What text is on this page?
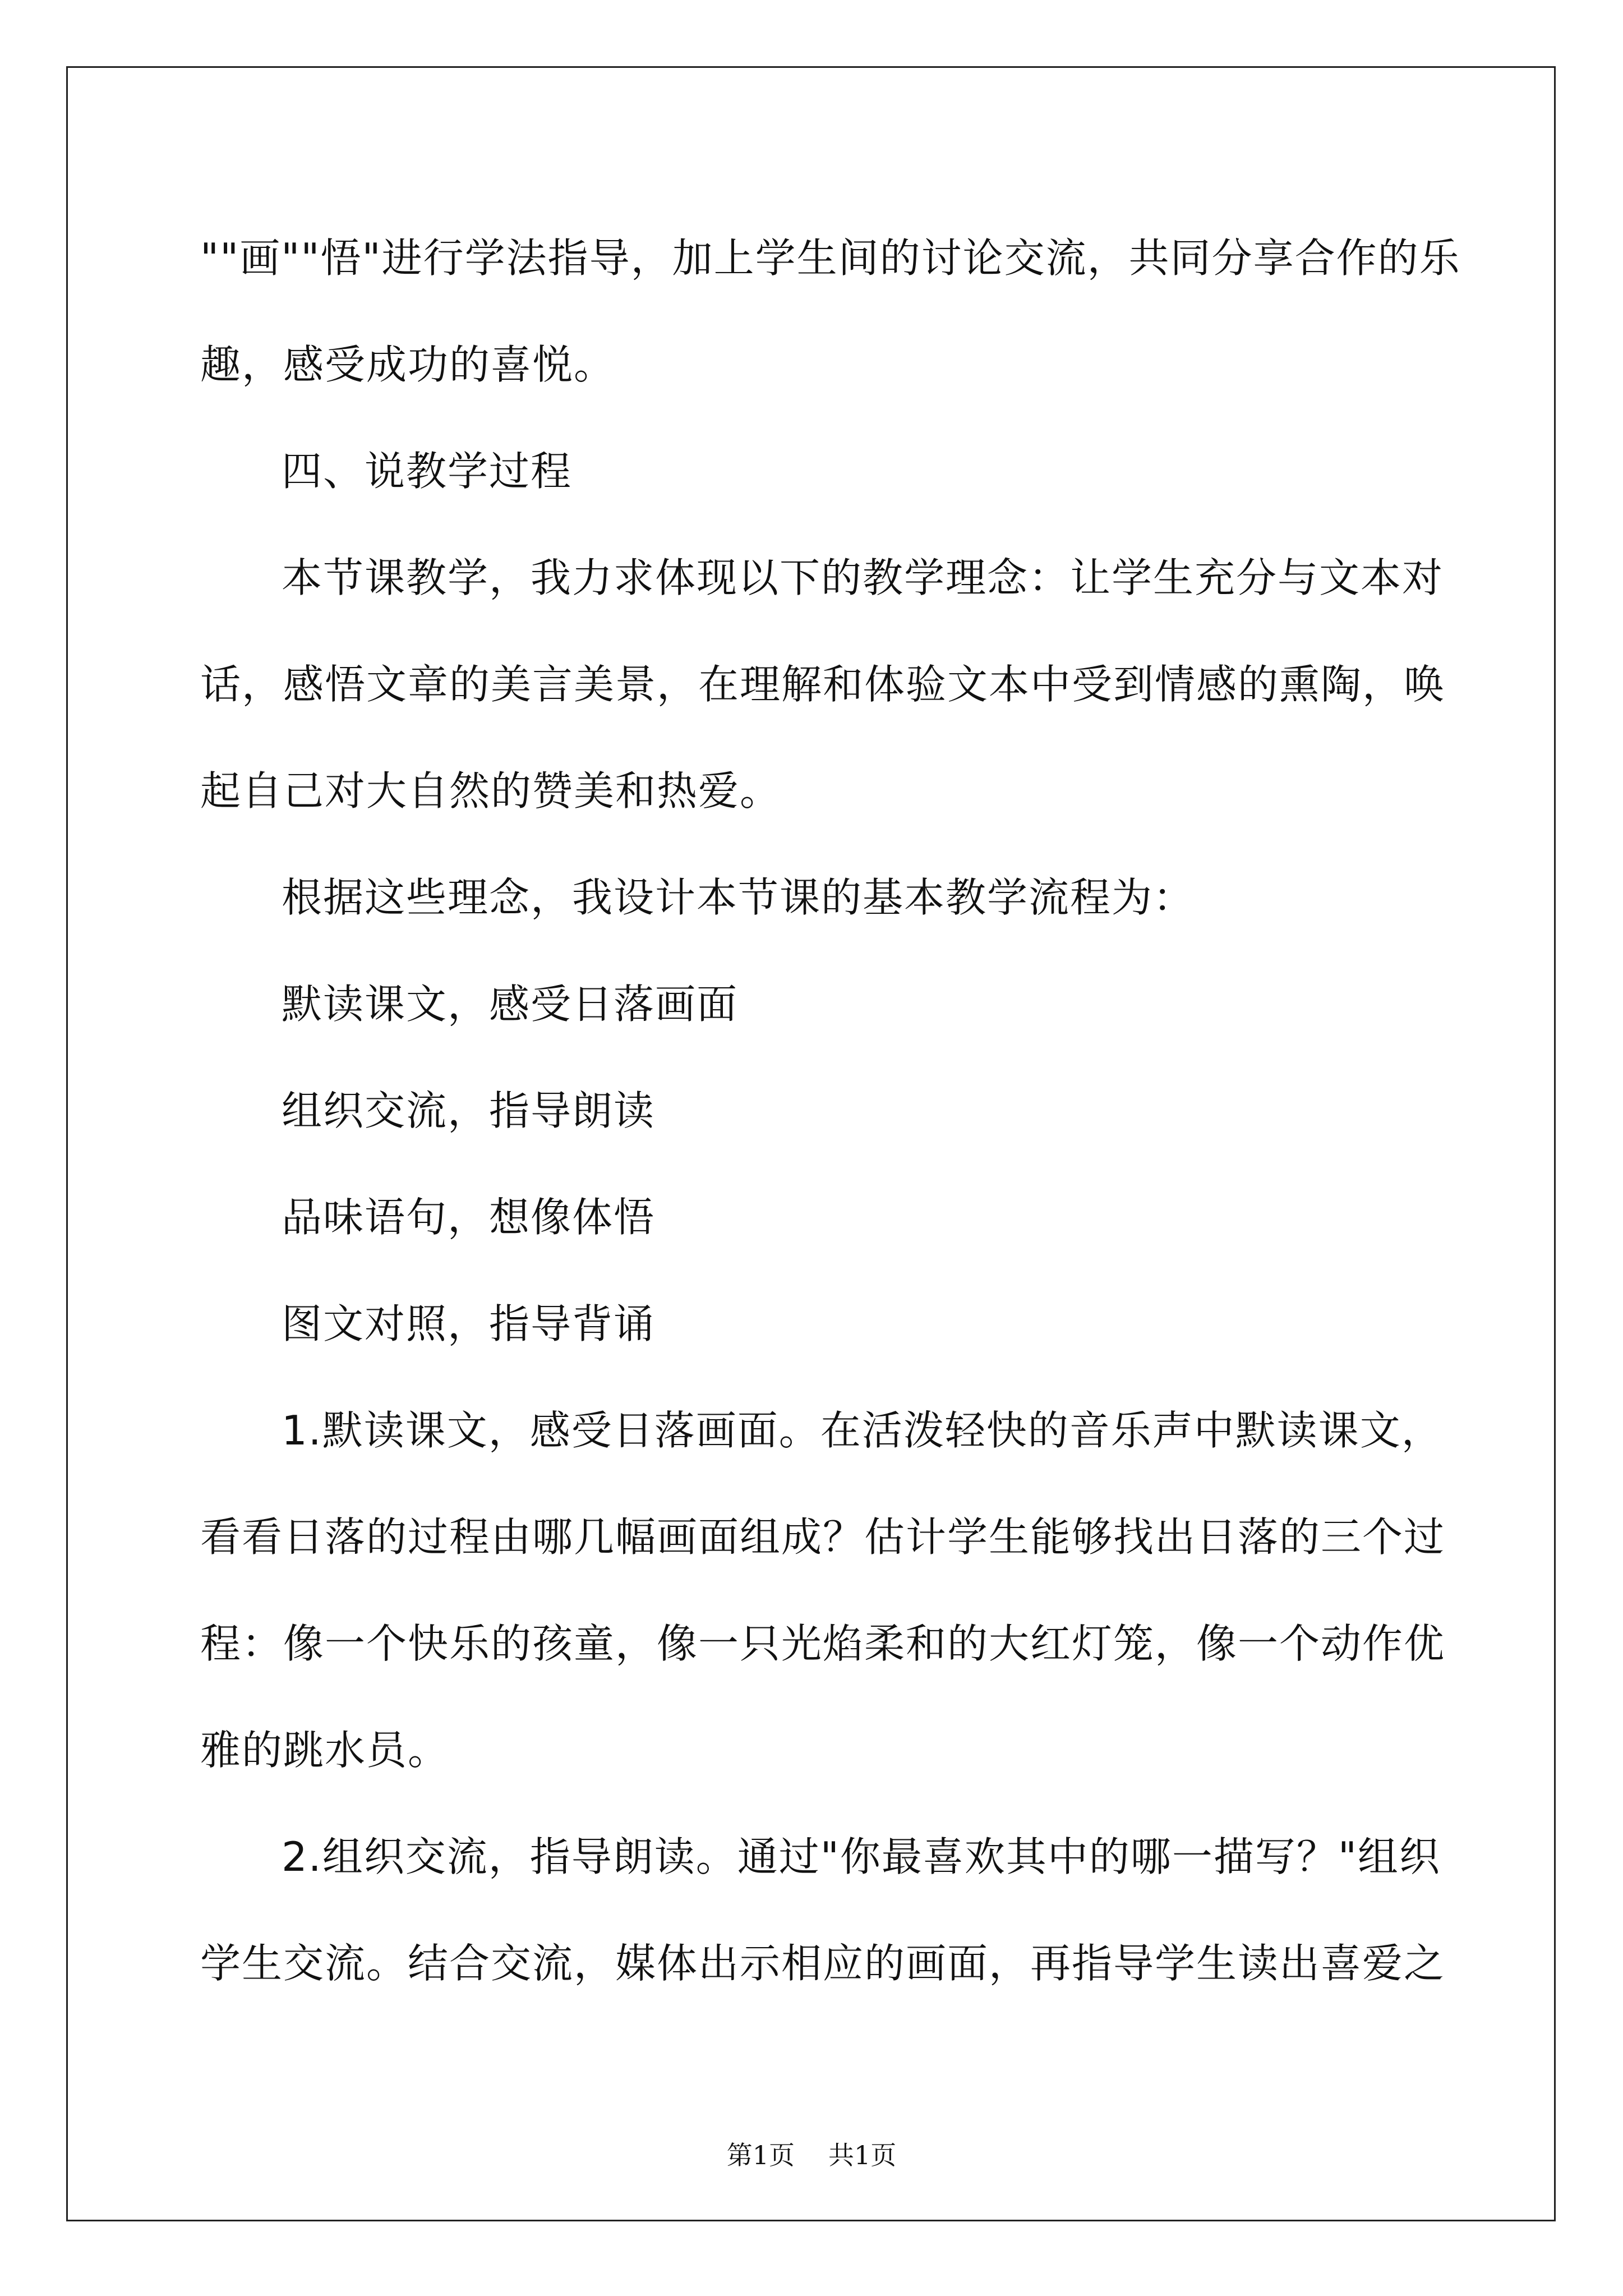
""画""悟"进行学法指导，加上学生间的讨论交流，共同分享合作的乐
趣，感受成功的喜悦。
四、说教学过程
本节课教学，我力求体现以下的教学理念：让学生充分与文本对
话，感悟文章的美言美景，在理解和体验文本中受到情感的熏陶，唤
起自己对大自然的赞美和热爱。
根据这些理念，我设计本节课的基本教学流程为：
默读课文，感受日落画面
组织交流，指导朗读
品味语句，想像体悟
图文对照，指导背诵
1.默读课文，感受日落画面。在活泼轻快的音乐声中默读课文，
看看日落的过程由哪几幅画面组成？估计学生能够找出日落的三个过
程：像一个快乐的孩童，像一只光焰柔和的大红灯笼，像一个动作优
雅的跳水员。
2.组织交流，指导朗读。通过"你最喜欢其中的哪一描写？"组织
学生交流。结合交流，媒体出示相应的画面，再指导学生读出喜爱之
第1页 共1页
